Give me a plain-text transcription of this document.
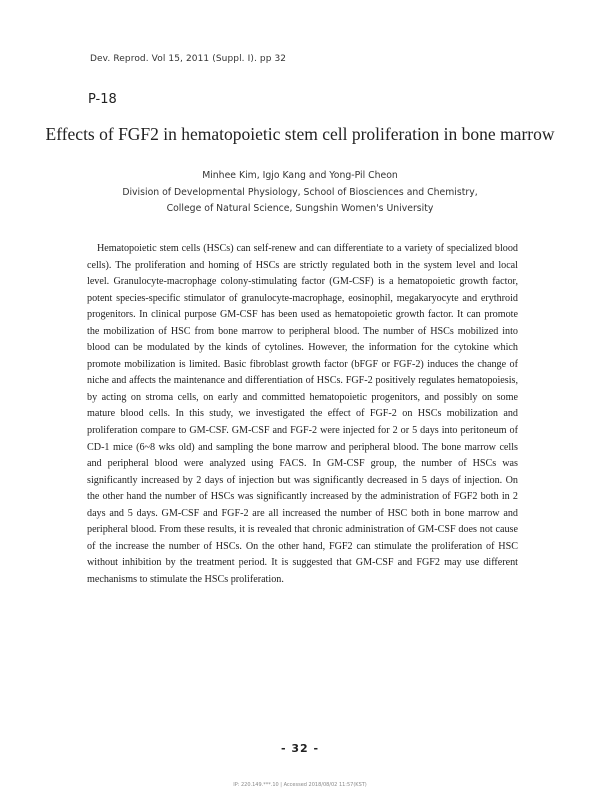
Dev. Reprod. Vol 15, 2011 (Suppl. I). pp 32
P-18
Effects of FGF2 in hematopoietic stem cell proliferation in bone marrow
Minhee Kim, Igjo Kang and Yong-Pil Cheon
Division of Developmental Physiology, School of Biosciences and Chemistry,
College of Natural Science, Sungshin Women's University

Hematopoietic stem cells (HSCs) can self-renew and can differentiate to a variety of specialized blood cells). The proliferation and homing of HSCs are strictly regulated both in the system level and local level. Granulocyte-macrophage colony-stimulating factor (GM-CSF) is a hematopoietic growth factor, potent species-specific stimulator of granulocyte-macrophage, eosinophil, megakaryocyte and erythroid progenitors. In clinical purpose GM-CSF has been used as hematopoietic growth factor. It can promote the mobilization of HSC from bone marrow to peripheral blood. The number of HSCs mobilized into blood can be modulated by the kinds of cytolines. However, the information for the cytokine which promote mobilization is limited. Basic fibroblast growth factor (bFGF or FGF-2) induces the change of niche and affects the maintenance and differentiation of HSCs. FGF-2 positively regulates hematopoiesis, by acting on stroma cells, on early and committed hematopoietic progenitors, and possibly on some mature blood cells. In this study, we investigated the effect of FGF-2 on HSCs mobilization and proliferation compare to GM-CSF. GM-CSF and FGF-2 were injected for 2 or 5 days into peritoneum of CD-1 mice (6~8 wks old) and sampling the bone marrow and peripheral blood. The bone marrow cells and peripheral blood were analyzed using FACS. In GM-CSF group, the number of HSCs was significantly increased by 2 days of injection but was significantly decreased in 5 days of injection. On the other hand the number of HSCs was significantly increased by the administration of FGF2 both in 2 days and 5 days. GM-CSF and FGF-2 are all increased the number of HSC both in bone marrow and peripheral blood. From these results, it is revealed that chronic administration of GM-CSF does not cause of the increase the number of HSCs. On the other hand, FGF2 can stimulate the proliferation of HSC without inhibition by the treatment period. It is suggested that GM-CSF and FGF2 may use different mechanisms to stimulate the HSCs proliferation.

- 32 -
IP: 220.149.***.10 | Accessed 2018/08/02 11:57(KST)
